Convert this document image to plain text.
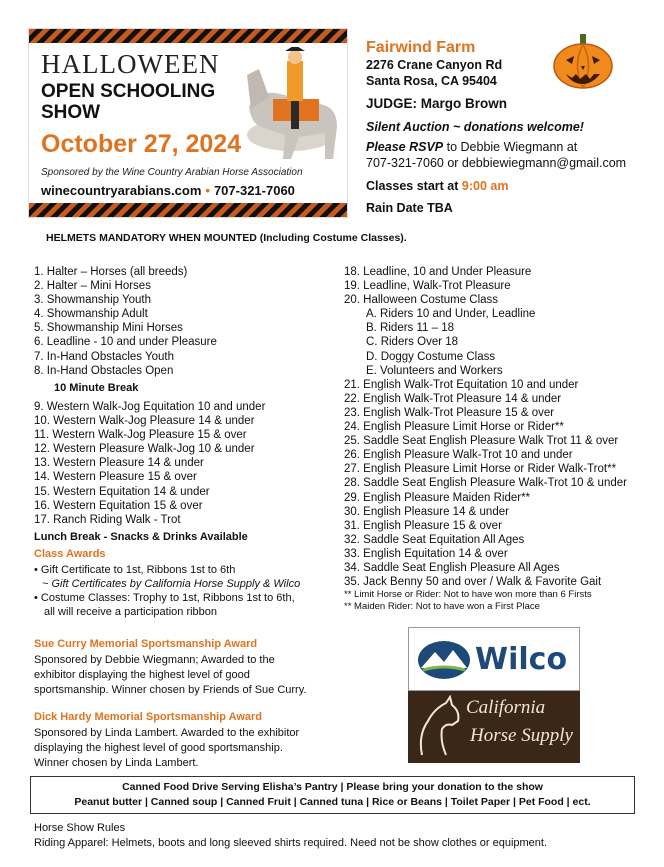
HALLOWEEN
OPEN SCHOOLING
SHOW
October 27, 2024
Sponsored by the Wine Country Arabian Horse Association
winecountryarabians.com • 707-321-7060
Fairwind Farm
2276 Crane Canyon Rd
Santa Rosa, CA 95404
JUDGE: Margo Brown
Silent Auction ~ donations welcome!
Please RSVP to Debbie Wiegmann at
707-321-7060 or debbiewiegmann@gmail.com
Classes start at 9:00 am
Rain Date TBA
HELMETS MANDATORY WHEN MOUNTED (Including Costume Classes).
1. Halter – Horses (all breeds)
2. Halter – Mini Horses
3. Showmanship Youth
4. Showmanship Adult
5. Showmanship Mini Horses
6. Leadline - 10 and under Pleasure
7. In-Hand Obstacles Youth
8. In-Hand Obstacles Open
10 Minute Break
9. Western Walk-Jog Equitation 10 and under
10. Western Walk-Jog Pleasure 14 & under
11. Western Walk-Jog Pleasure 15 & over
12. Western Pleasure Walk-Jog 10 & under
13. Western Pleasure 14 & under
14. Western Pleasure 15 & over
15. Western Equitation 14 & under
16. Western Equitation 15 & over
17. Ranch Riding Walk - Trot
18. Leadline, 10 and Under Pleasure
19. Leadline, Walk-Trot Pleasure
20. Halloween Costume Class
A. Riders 10 and Under, Leadline
B. Riders 11 – 18
C. Riders Over 18
D. Doggy Costume Class
E. Volunteers and Workers
21. English Walk-Trot Equitation 10 and under
22. English Walk-Trot Pleasure 14 & under
23. English Walk-Trot Pleasure 15 & over
24. English Pleasure Limit Horse or Rider**
25. Saddle Seat English Pleasure Walk Trot 11 & over
26. English Pleasure Walk-Trot 10 and under
27. English Pleasure Limit Horse or Rider Walk-Trot**
28. Saddle Seat English Pleasure Walk-Trot 10 & under
29. English Pleasure Maiden Rider**
30. English Pleasure 14 & under
31. English Pleasure 15 & over
32. Saddle Seat Equitation All Ages
33. English Equitation 14 & over
34. Saddle Seat English Pleasure All Ages
35. Jack Benny 50 and over / Walk & Favorite Gait
** Limit Horse or Rider: Not to have won more than 6 Firsts
** Maiden Rider: Not to have won a First Place
Lunch Break - Snacks & Drinks Available
Class Awards

• Gift Certificate to 1st, Ribbons 1st to 6th

~ Gift Certificates by California Horse Supply & Wilco

• Costume Classes: Trophy to 1st, Ribbons 1st to 6th,

all will receive a participation ribbon

Sue Curry Memorial Sportsmanship Award
Sponsored by Debbie Wiegmann; Awarded to the
exhibitor displaying the highest level of good
sportsmanship. Winner chosen by Friends of Sue Curry.
Dick Hardy Memorial Sportsmanship Award
Sponsored by Linda Lambert. Awarded to the exhibitor
displaying the highest level of good sportsmanship.
Winner chosen by Linda Lambert.
Wilco
California
Horse Supply
Canned Food Drive Serving Elisha’s Pantry | Please bring your donation to the show
Peanut butter | Canned soup | Canned Fruit | Canned tuna | Rice or Beans | Toilet Paper | Pet Food | ect.
Horse Show Rules
Riding Apparel: Helmets, boots and long sleeved shirts required. Need not be show clothes or equipment.
